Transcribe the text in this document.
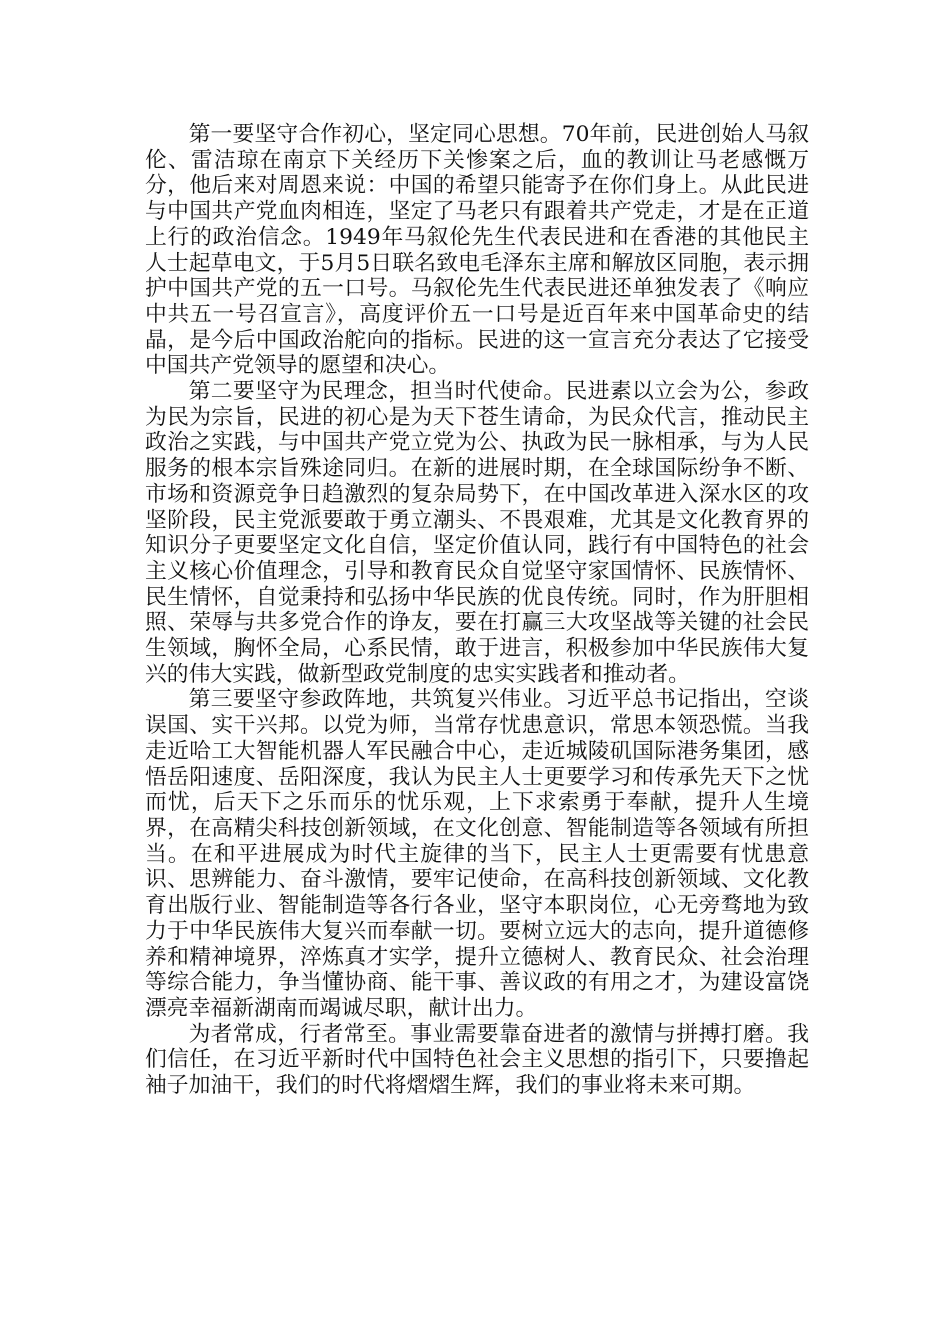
第一要坚守合作初心，坚定同心思想。70年前，民进创始人马叙伦、雷洁琼在南京下关经历下关惨案之后，血的教训让马老感慨万分，他后来对周恩来说：中国的希望只能寄予在你们身上。从此民进与中国共产党血肉相连，坚定了马老只有跟着共产党走，才是在正道上行的政治信念。1949年马叙伦先生代表民进和在香港的其他民主人士起草电文，于5月5日联名致电毛泽东主席和解放区同胞，表示拥护中国共产党的五一口号。马叙伦先生代表民进还单独发表了《响应中共五一号召宣言》，高度评价五一口号是近百年来中国革命史的结晶，是今后中国政治舵向的指标。民进的这一宣言充分表达了它接受中国共产党领导的愿望和决心。

第二要坚守为民理念，担当时代使命。民进素以立会为公，参政为民为宗旨，民进的初心是为天下苍生请命，为民众代言，推动民主政治之实践，与中国共产党立党为公、执政为民一脉相承，与为人民服务的根本宗旨殊途同归。在新的进展时期，在全球国际纷争不断、市场和资源竞争日趋激烈的复杂局势下，在中国改革进入深水区的攻坚阶段，民主党派要敢于勇立潮头、不畏艰难，尤其是文化教育界的知识分子更要坚定文化自信，坚定价值认同，践行有中国特色的社会主义核心价值理念，引导和教育民众自觉坚守家国情怀、民族情怀、民生情怀，自觉秉持和弘扬中华民族的优良传统。同时，作为肝胆相照、荣辱与共多党合作的诤友，要在打赢三大攻坚战等关键的社会民生领域，胸怀全局，心系民情，敢于进言，积极参加中华民族伟大复兴的伟大实践，做新型政党制度的忠实实践者和推动者。

第三要坚守参政阵地，共筑复兴伟业。习近平总书记指出，空谈误国、实干兴邦。以党为师，当常存忧患意识，常思本领恐慌。当我走近哈工大智能机器人军民融合中心，走近城陵矶国际港务集团，感悟岳阳速度、岳阳深度，我认为民主人士更要学习和传承先天下之忧而忧，后天下之乐而乐的忧乐观，上下求索勇于奉献，提升人生境界，在高精尖科技创新领域，在文化创意、智能制造等各领域有所担当。在和平进展成为时代主旋律的当下，民主人士更需要有忧患意识、思辨能力、奋斗激情，要牢记使命，在高科技创新领域、文化教育出版行业、智能制造等各行各业，坚守本职岗位，心无旁骛地为致力于中华民族伟大复兴而奉献一切。要树立远大的志向，提升道德修养和精神境界，淬炼真才实学，提升立德树人、教育民众、社会治理等综合能力，争当懂协商、能干事、善议政的有用之才，为建设富饶漂亮幸福新湖南而竭诚尽职，献计出力。

为者常成，行者常至。事业需要靠奋进者的激情与拼搏打磨。我们信任，在习近平新时代中国特色社会主义思想的指引下，只要撸起袖子加油干，我们的时代将熠熠生辉，我们的事业将未来可期。
